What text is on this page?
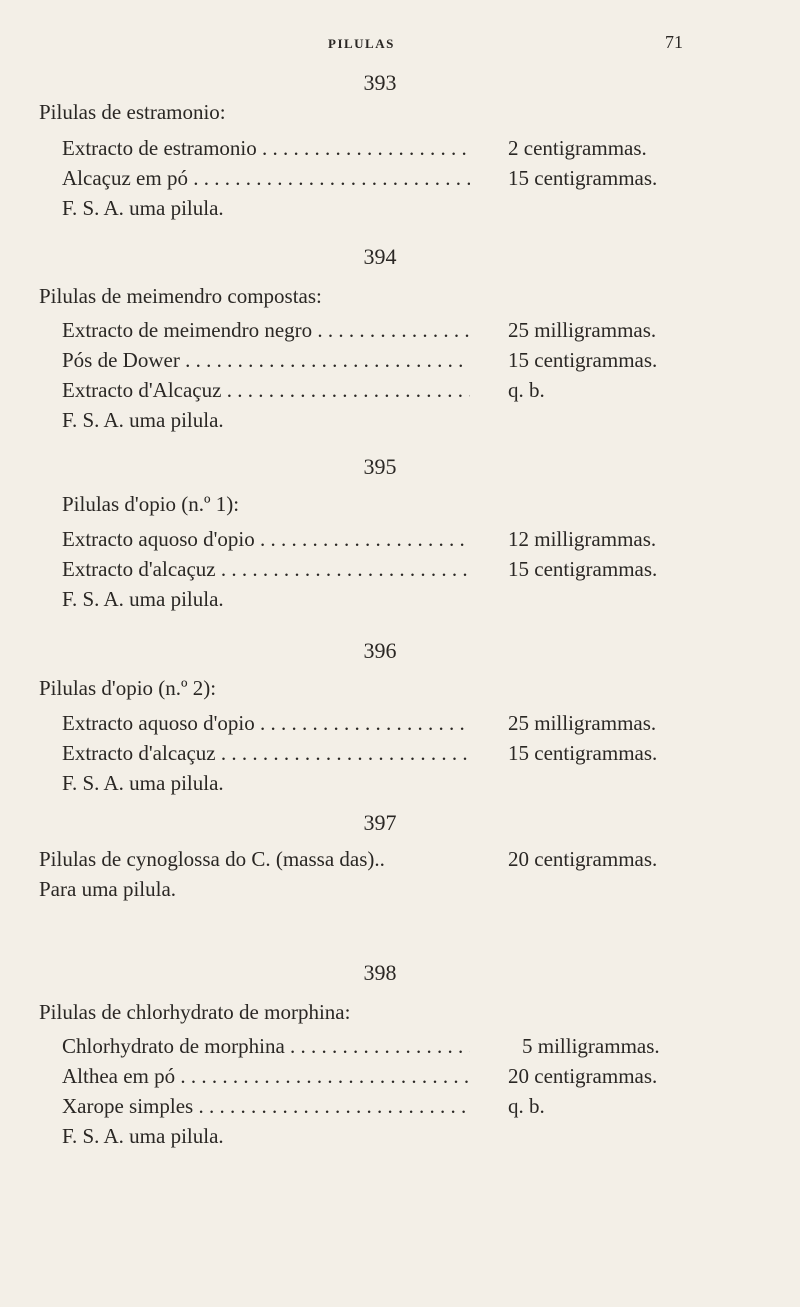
PILULAS	71
393
Pilulas de estramonio:
Extracto de estramonio . . .	2 centigrammas.
Alcaçuz em pó . . .	15 centigrammas.
F. S. A. uma pilula.
394
Pilulas de meimendro compostas:
Extracto de meimendro negro . . .	25 milligrammas.
Pós de Dower . . .	15 centigrammas.
Extracto d'Alcaçuz . . .	q. b.
F. S. A. uma pilula.
395
Pilulas d'opio (n.º 1):
Extracto aquoso d'opio . . .	12 milligrammas.
Extracto d'alcaçuz . . .	15 centigrammas.
F. S. A. uma pilula.
396
Pilulas d'opio (n.º 2):
Extracto aquoso d'opio . . .	25 milligrammas.
Extracto d'alcaçuz . . .	15 centigrammas.
F. S. A. uma pilula.
397
Pilulas de cynoglossa do C. (massa das)..	20 centigrammas.
Para uma pilula.
398
Pilulas de chlorhydrato de morphina:
Chlorhydrato de morphina . . .	5 milligrammas.
Althea em pó . . .	20 centigrammas.
Xarope simples . . .	q. b.
F. S. A. uma pilula.
